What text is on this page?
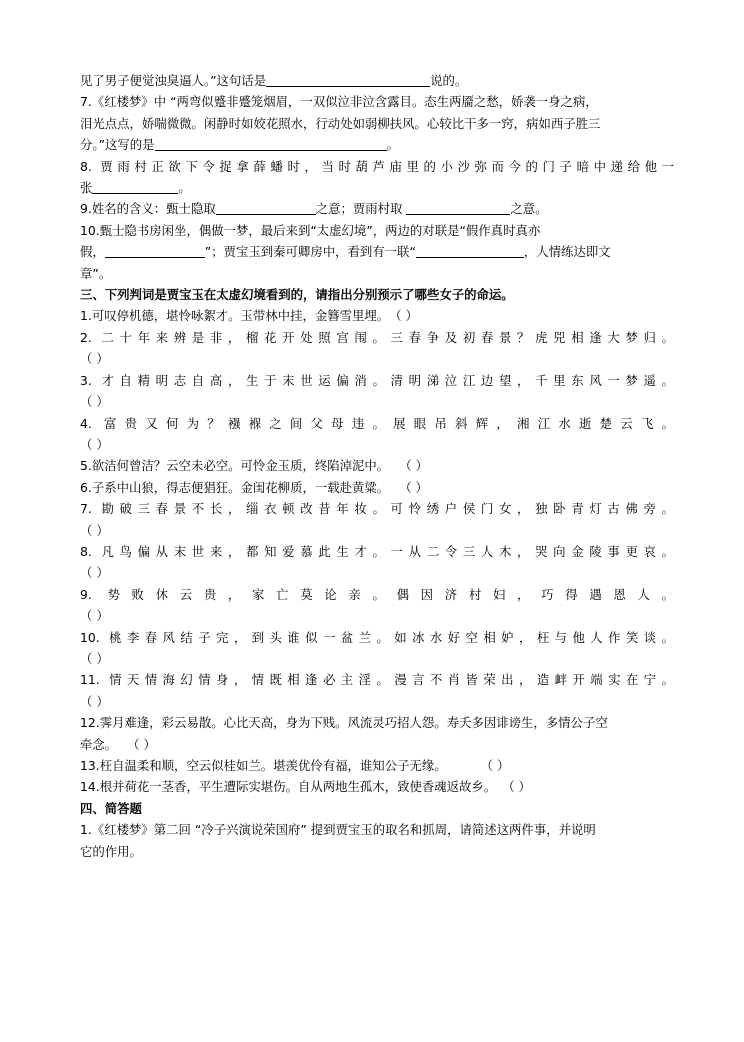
见了男子便觉浊臭逼人。”这句话是	说的。
7.《红楼梦》中 “两弯似蹙非蹙笼烟眉，一双似泣非泣含露目。态生两靥之愁，娇袭一身之病，
泪光点点，娇喘微微。闲静时如姣花照水，行动处如弱柳扶风。心较比干多一窍，病如西子胜三
分。”这写的是	。
8. 贾雨村正欲下令捉拿薛蟠时，当时葫芦庙里的小沙弥而今的门子暗中递给他一
张	。
9.姓名的含义：甄士隐取	之意；贾雨村取	之意。
10.甄士隐书房闲坐，偶做一梦，最后来到“太虚幻境”，两边的对联是“假作真时真亦
假，	”；贾宝玉到秦可卿房中，看到有一联“	，人情练达即文
章”。
三、下列判词是贾宝玉在太虚幻境看到的，请指出分别预示了哪些女子的命运。
1.可叹停机德，堪怜咏絮才。玉带林中挂，金簪雪里埋。（ ）
2. 二十年来辨是非，榴花开处照宫闱。三春争及初春景？虎兕相逢大梦归。
（ ）
3. 才自精明志自高，生于末世运偏消。清明涕泣江边望，千里东风一梦遥。
（ ）
4. 富贵又何为？襁褓之间父母违。展眼吊斜辉，湘江水逝楚云飞。
（ ）
5.欲洁何曾洁？云空未必空。可怜金玉质，终陷淖泥中。 （ ）
6.子系中山狼，得志便猖狂。金闺花柳质，一载赴黄粱。 （ ）
7. 勘破三春景不长，缁衣顿改昔年妆。可怜绣户侯门女，独卧青灯古佛旁。
（ ）
8. 凡鸟偏从末世来，都知爱慕此生才。一从二令三人木，哭向金陵事更哀。
（ ）
9. 势败休云贵，家亡莫论亲。偶因济村妇，巧得遇恩人。
（ ）
10. 桃李春风结子完，到头谁似一盆兰。如冰水好空相妒，枉与他人作笑谈。
（ ）
11. 情天情海幻情身，情既相逢必主淫。漫言不肖皆荣出，造衅开端实在宁。
（ ）
12.霁月难逢，彩云易散。心比天高，身为下贱。风流灵巧招人怨。寿夭多因诽谤生，多情公子空
牵念。 （ ）
13.枉自温柔和顺，空云似桂如兰。堪羡优伶有福，谁知公子无缘。	（ ）
14.根并荷花一茎香，平生遭际实堪伤。自从两地生孤木，致使香魂返故乡。 （ ）
四、简答题
1.《红楼梦》第二回 “冷子兴演说荣国府” 提到贾宝玉的取名和抓周，请简述这两件事，并说明
它的作用。
